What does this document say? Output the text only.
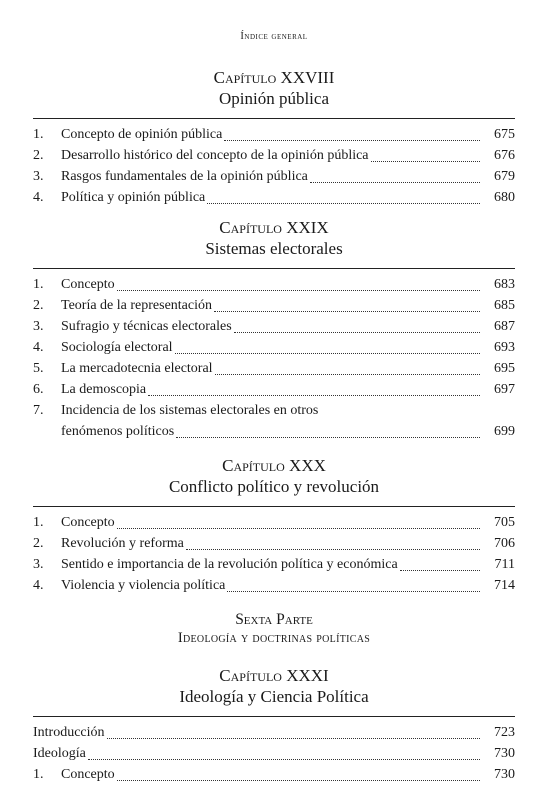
Índice general
Capítulo XXVIII
Opinión pública
1.	Concepto de opinión pública	675
2.	Desarrollo histórico del concepto de la opinión pública	676
3.	Rasgos fundamentales de la opinión pública	679
4.	Política y opinión pública	680
Capítulo XXIX
Sistemas electorales
1.	Concepto	683
2.	Teoría de la representación	685
3.	Sufragio y técnicas electorales	687
4.	Sociología electoral	693
5.	La mercadotecnia electoral	695
6.	La demoscopia	697
7.	Incidencia de los sistemas electorales en otros
fenómenos políticos	699
Capítulo XXX
Conflicto político y revolución
1.	Concepto	705
2.	Revolución y reforma	706
3.	Sentido e importancia de la revolución política y económica	711
4.	Violencia y violencia política	714
Sexta Parte
Ideología y doctrinas políticas
Capítulo XXXI
Ideología y Ciencia Política
Introducción	723
Ideología	730
1.	Concepto	730
